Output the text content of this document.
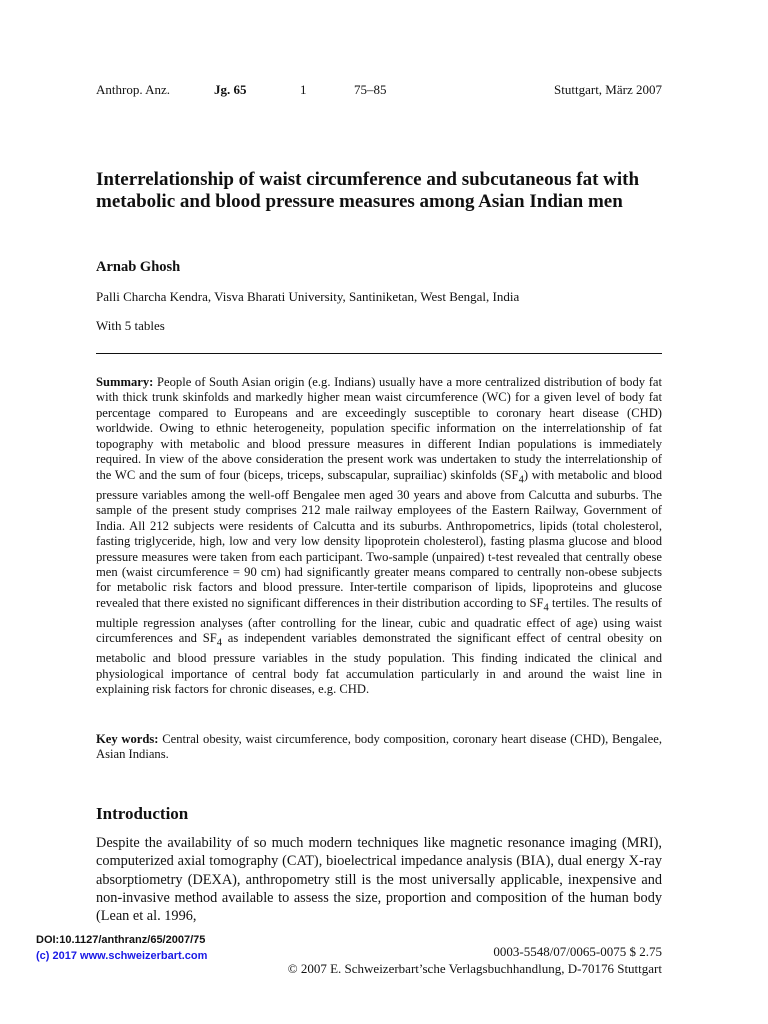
Anthrop. Anz.	Jg. 65	1	75–85	Stuttgart, März 2007
Interrelationship of waist circumference and subcutaneous fat with metabolic and blood pressure measures among Asian Indian men

Arnab Ghosh

Palli Charcha Kendra, Visva Bharati University, Santiniketan, West Bengal, India

With 5 tables

Summary: People of South Asian origin (e.g. Indians) usually have a more centralized distribution of body fat with thick trunk skinfolds and markedly higher mean waist circumference (WC) for a given level of body fat percentage compared to Europeans and are exceedingly susceptible to coronary heart disease (CHD) worldwide. Owing to ethnic heterogeneity, population specific information on the interrelationship of fat topography with metabolic and blood pressure measures in different Indian populations is immediately required. In view of the above consideration the present work was undertaken to study the interrelationship of the WC and the sum of four (biceps, triceps, subscapular, suprailiac) skinfolds $(SF_4)$ with metabolic and blood pressure variables among the well-off Bengalee men aged 30 years and above from Calcutta and suburbs. The sample of the present study comprises 212 male railway employees of the Eastern Railway, Government of India. All 212 subjects were residents of Calcutta and its suburbs. Anthropometrics, lipids (total cholesterol, fasting triglyceride, high, low and very low density lipoprotein cholesterol), fasting plasma glucose and blood pressure measures were taken from each participant. Two-sample (unpaired) t-test revealed that centrally obese men (waist circumference = 90 cm) had significantly greater means compared to centrally non-obese subjects for metabolic risk factors and blood pressure. Inter-tertile comparison of lipids, lipoproteins and glucose revealed that there existed no significant differences in their distribution according to $SF_4$ tertiles. The results of multiple regression analyses (after controlling for the linear, cubic and quadratic effect of age) using waist circumferences and $SF_4$ as independent variables demonstrated the significant effect of central obesity on metabolic and blood pressure variables in the study population. This finding indicated the clinical and physiological importance of central body fat accumulation particularly in and around the waist line in explaining risk factors for chronic diseases, e.g. CHD.

Key words: Central obesity, waist circumference, body composition, coronary heart disease (CHD), Bengalee, Asian Indians.

Introduction

Despite the availability of so much modern techniques like magnetic resonance imaging (MRI), computerized axial tomography (CAT), bioelectrical impedance analysis (BIA), dual energy X-ray absorptiometry (DEXA), anthropometry still is the most universally applicable, inexpensive and non-invasive method available to assess the size, proportion and composition of the human body (Lean et al. 1996,

DOI:10.1127/anthranz/65/2007/75
(c) 2017 www.schweizerbart.com	0003-5548/07/0065-0075 $ 2.75
© 2007 E. Schweizerbart’sche Verlagsbuchhandlung, D-70176 Stuttgart
